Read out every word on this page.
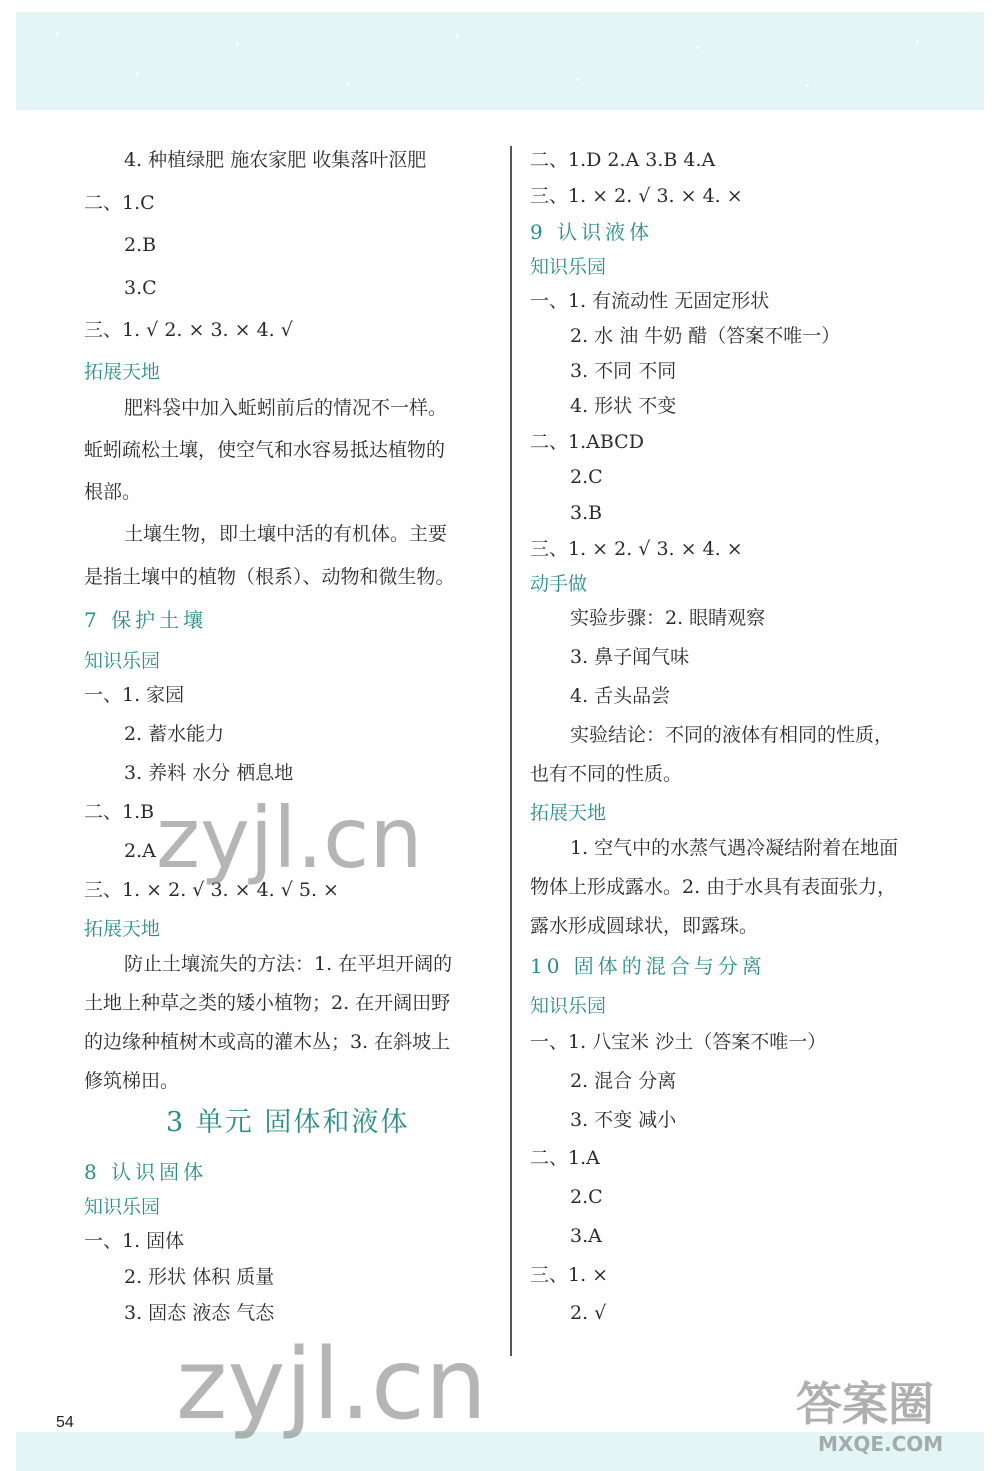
4. 种植绿肥 施农家肥 收集落叶沤肥
二、1.C
2.B
3.C
三、1. √ 2. × 3. × 4. √
拓展天地
肥料袋中加入蚯蚓前后的情况不一样。
蚯蚓疏松土壤，使空气和水容易抵达植物的
根部。
土壤生物，即土壤中活的有机体。主要
是指土壤中的植物（根系）、动物和微生物。
7 保护土壤
知识乐园
一、1. 家园
2. 蓄水能力
3. 养料 水分 栖息地
二、1.B
2.A
三、1. × 2. √ 3. × 4. √ 5. ×
拓展天地
防止土壤流失的方法：1. 在平坦开阔的
土地上种草之类的矮小植物；2. 在开阔田野
的边缘种植树木或高的灌木丛；3. 在斜坡上
修筑梯田。
3 单元 固体和液体
8 认识固体
知识乐园
一、1. 固体
2. 形状 体积 质量
3. 固态 液态 气态
二、1.D 2.A 3.B 4.A
三、1. × 2. √ 3. × 4. ×
9 认识液体
知识乐园
一、1. 有流动性 无固定形状
2. 水 油 牛奶 醋（答案不唯一）
3. 不同 不同
4. 形状 不变
二、1.ABCD
2.C
3.B
三、1. × 2. √ 3. × 4. ×
动手做
实验步骤：2. 眼睛观察
3. 鼻子闻气味
4. 舌头品尝
实验结论：不同的液体有相同的性质，
也有不同的性质。
拓展天地
1. 空气中的水蒸气遇冷凝结附着在地面
物体上形成露水。2. 由于水具有表面张力，
露水形成圆球状，即露珠。
10 固体的混合与分离
知识乐园
一、1. 八宝米 沙土（答案不唯一）
2. 混合 分离
3. 不变 减小
二、1.A
2.C
3.A
三、1. ×
2. √
zyjl.cn
zyjl.cn	答案圈
MXQE.COM
54
